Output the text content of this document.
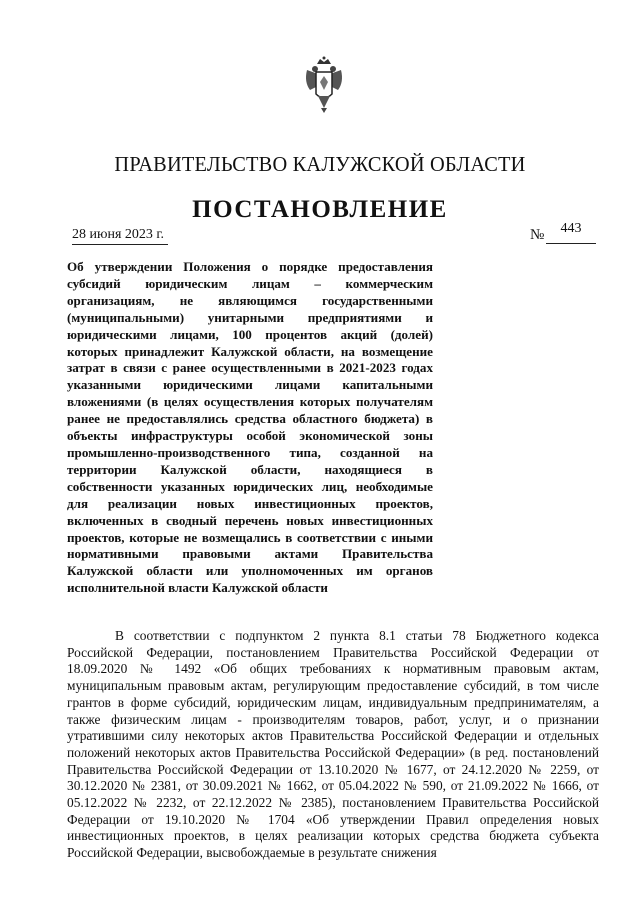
ПРАВИТЕЛЬСТВО КАЛУЖСКОЙ ОБЛАСТИ
ПОСТАНОВЛЕНИЕ
28 июня 2023 г.	№	443
Об утверждении Положения о порядке предоставления субсидий юридическим лицам – коммерческим организациям, не являющимся государственными (муниципальными) унитарными предприятиями и юридическими лицами, 100 процентов акций (долей) которых принадлежит Калужской области, на возмещение затрат в связи с ранее осуществленными в 2021-2023 годах указанными юридическими лицами капитальными вложениями (в целях осуществления которых получателям ранее не предоставлялись средства областного бюджета) в объекты инфраструктуры особой экономической зоны промышленно-производственного типа, созданной на территории Калужской области, находящиеся в собственности указанных юридических лиц, необходимые для реализации новых инвестиционных проектов, включенных в сводный перечень новых инвестиционных проектов, которые не возмещались в соответствии с иными нормативными правовыми актами Правительства Калужской области или уполномоченных им органов исполнительной власти Калужской области
В соответствии с подпунктом 2 пункта 8.1 статьи 78 Бюджетного кодекса Российской Федерации, постановлением Правительства Российской Федерации от 18.09.2020 № 1492 «Об общих требованиях к нормативным правовым актам, муниципальным правовым актам, регулирующим предоставление субсидий, в том числе грантов в форме субсидий, юридическим лицам, индивидуальным предпринимателям, а также физическим лицам - производителям товаров, работ, услуг, и о признании утратившими силу некоторых актов Правительства Российской Федерации и отдельных положений некоторых актов Правительства Российской Федерации» (в ред. постановлений Правительства Российской Федерации от 13.10.2020 № 1677, от 24.12.2020 № 2259, от 30.12.2020 № 2381, от 30.09.2021 № 1662, от 05.04.2022 № 590, от 21.09.2022 № 1666, от 05.12.2022 № 2232, от 22.12.2022 № 2385), постановлением Правительства Российской Федерации от 19.10.2020 № 1704 «Об утверждении Правил определения новых инвестиционных проектов, в целях реализации которых средства бюджета субъекта Российской Федерации, высвобождаемые в результате снижения
